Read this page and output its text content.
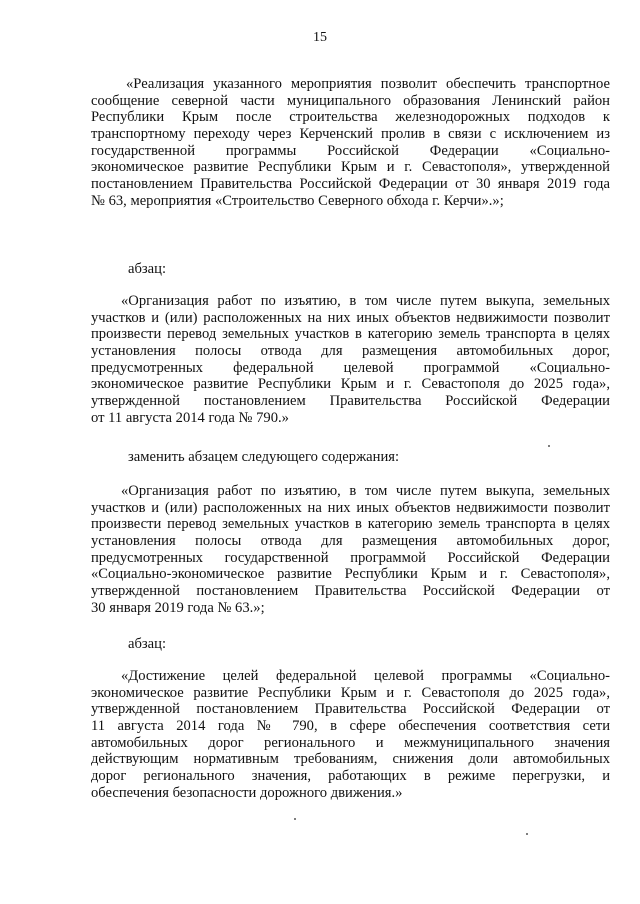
15
«Реализация указанного мероприятия позволит обеспечить транспортное
сообщение северной части муниципального образования Ленинский район
Республики Крым после строительства железнодорожных подходов к
транспортному переходу через Керченский пролив в связи с исключением из
государственной программы Российской Федерации «Социально-
экономическое развитие Республики Крым и г. Севастополя», утвержденной
постановлением Правительства Российской Федерации от 30 января 2019 года
№ 63, мероприятия «Строительство Северного обхода г. Керчи».»;
абзац:
«Организация работ по изъятию, в том числе путем выкупа, земельных
участков и (или) расположенных на них иных объектов недвижимости позволит
произвести перевод земельных участков в категорию земель транспорта в целях
установления полосы отвода для размещения автомобильных дорог,
предусмотренных федеральной целевой программой «Социально-
экономическое развитие Республики Крым и г. Севастополя до 2025 года»,
утвержденной постановлением Правительства Российской Федерации
от 11 августа 2014 года № 790.»
заменить абзацем следующего содержания:
«Организация работ по изъятию, в том числе путем выкупа, земельных
участков и (или) расположенных на них иных объектов недвижимости позволит
произвести перевод земельных участков в категорию земель транспорта в целях
установления полосы отвода для размещения автомобильных дорог,
предусмотренных государственной программой Российской Федерации
«Социально-экономическое развитие Республики Крым и г. Севастополя»,
утвержденной постановлением Правительства Российской Федерации от
30 января 2019 года № 63.»;
абзац:
«Достижение целей федеральной целевой программы «Социально-
экономическое развитие Республики Крым и г. Севастополя до 2025 года»,
утвержденной постановлением Правительства Российской Федерации от
11 августа 2014 года № 790, в сфере обеспечения соответствия сети
автомобильных дорог регионального и межмуниципального значения
действующим нормативным требованиям, снижения доли автомобильных
дорог регионального значения, работающих в режиме перегрузки, и
обеспечения безопасности дорожного движения.»
